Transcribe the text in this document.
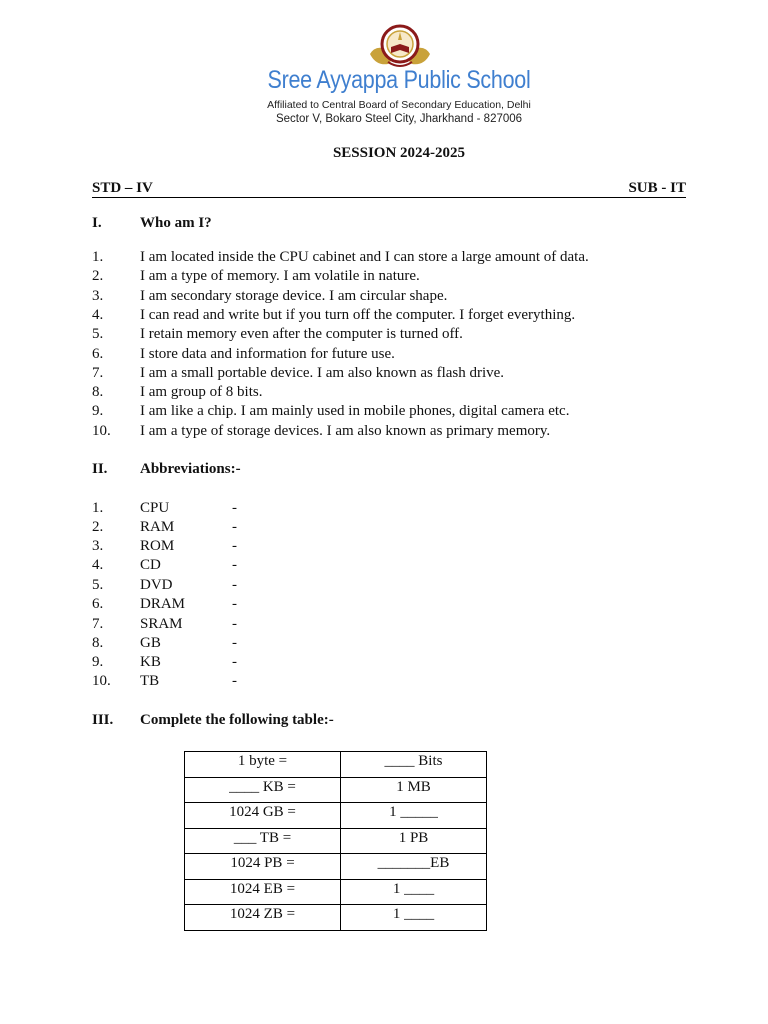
Sree Ayyappa Public School
Affiliated to Central Board of Secondary Education, Delhi
Sector V, Bokaro Steel City, Jharkhand - 827006
SESSION 2024-2025
STD – IV	SUB - IT
I.	Who am I?
1. I am located inside the CPU cabinet and I can store a large amount of data.
2. I am a type of memory. I am volatile in nature.
3. I am secondary storage device. I am circular shape.
4. I can read and write but if you turn off the computer. I forget everything.
5. I retain memory even after the computer is turned off.
6. I store data and information for future use.
7. I am a small portable device. I am also known as flash drive.
8. I am group of 8 bits.
9. I am like a chip. I am mainly used in mobile phones, digital camera etc.
10. I am a type of storage devices. I am also known as primary memory.
II. Abbreviations:-
1. CPU	-
2. RAM	-
3. ROM	-
4. CD	-
5. DVD	-
6. DRAM	-
7. SRAM	-
8. GB	-
9. KB	-
10. TB	-
III. Complete the following table:-
1 byte =	____ Bits
____ KB =	1 MB
1024 GB =	1 _____
___ TB =	1 PB
1024 PB =	_______EB
1024 EB =	1 ____
1024 ZB =	1 ____
